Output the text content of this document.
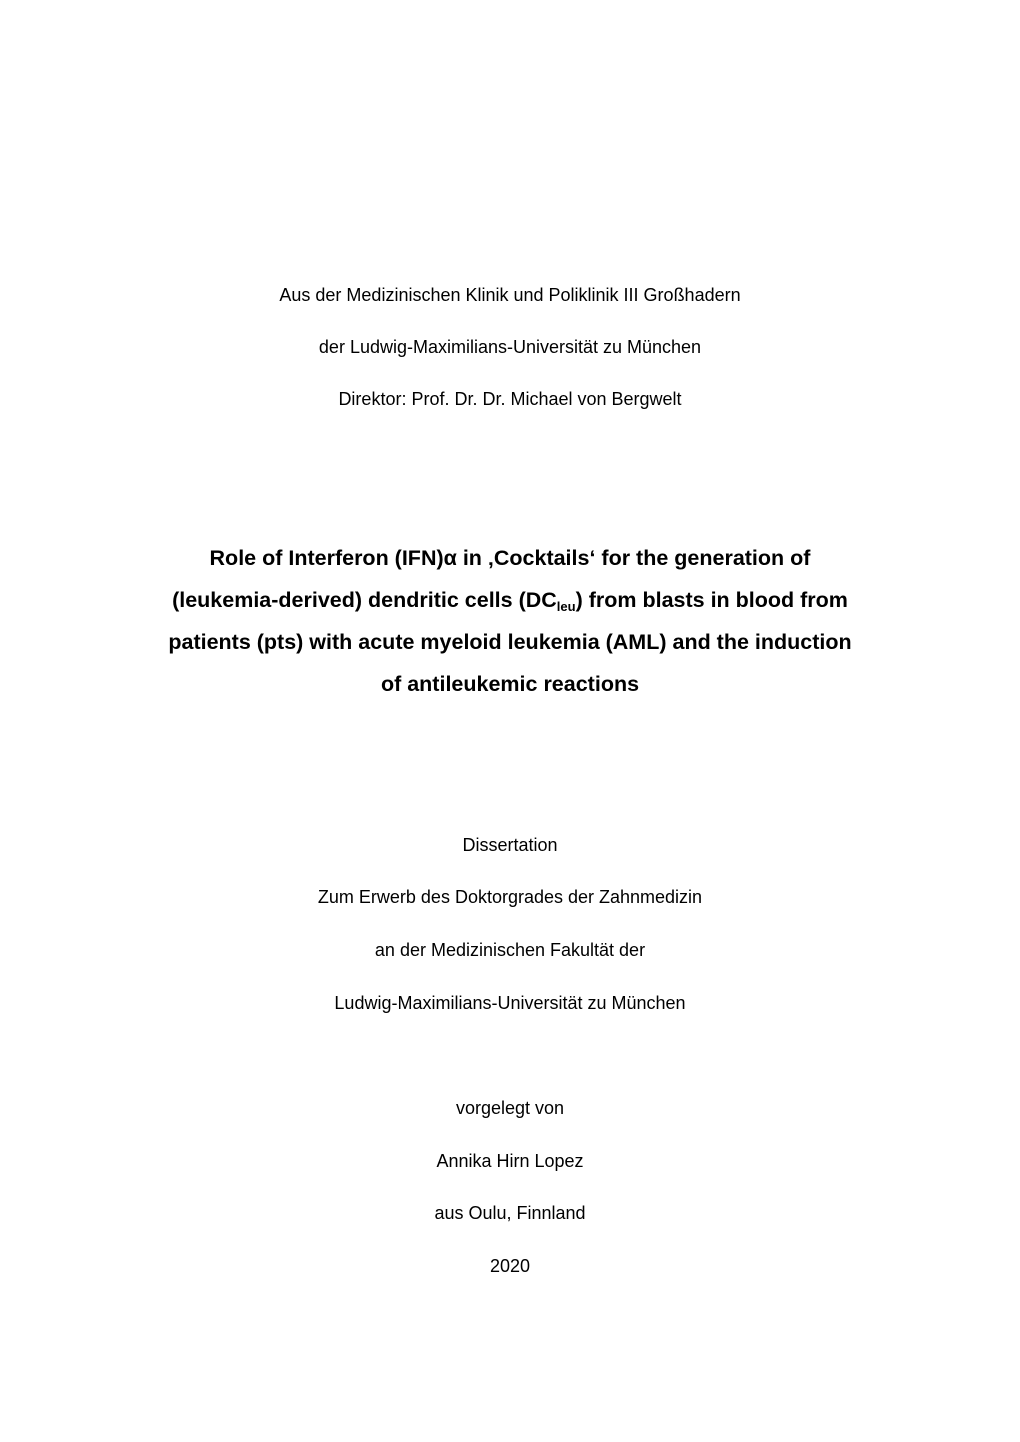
Aus der Medizinischen Klinik und Poliklinik III Großhadern
der Ludwig-Maximilians-Universität zu München
Direktor: Prof. Dr. Dr. Michael von Bergwelt
Role of Interferon (IFN)α in ‚Cocktails‘ for the generation of
(leukemia-derived) dendritic cells $(DC_{leu})$ from blasts in blood from
patients (pts) with acute myeloid leukemia (AML) and the induction
of antileukemic reactions
Dissertation
Zum Erwerb des Doktorgrades der Zahnmedizin
an der Medizinischen Fakultät der
Ludwig-Maximilians-Universität zu München
vorgelegt von
Annika Hirn Lopez
aus Oulu, Finnland
2020
